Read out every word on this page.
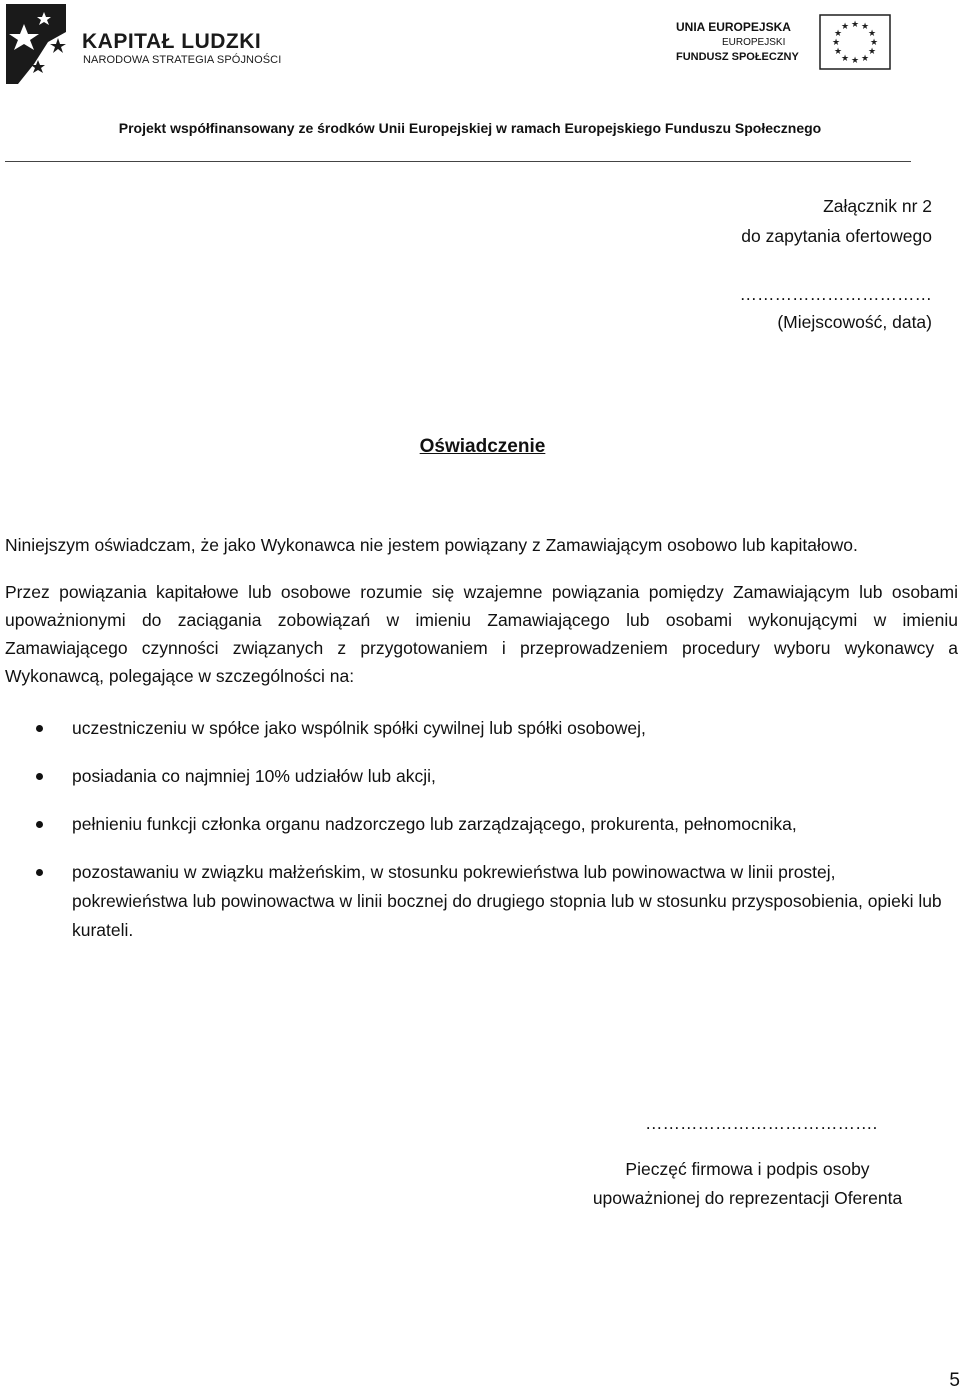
KAPITAŁ LUDZKI
NARODOWA STRATEGIA SPÓJNOŚCI
UNIA EUROPEJSKA
EUROPEJSKI
FUNDUSZ SPOŁECZNY
★ ★
★
★
★
★
★
★
★
★
★
★
Projekt współfinansowany ze środków Unii Europejskiej w ramach Europejskiego Funduszu Społecznego
Załącznik nr 2
do zapytania ofertowego
……………………………
(Miejscowość, data)
Oświadczenie
Niniejszym oświadczam, że jako Wykonawca nie jestem powiązany z Zamawiającym osobowo lub kapitałowo.
Przez powiązania kapitałowe lub osobowe rozumie się wzajemne powiązania pomiędzy Zamawiającym lub osobami upoważnionymi do zaciągania zobowiązań w imieniu Zamawiającego lub osobami wykonującymi w imieniu Zamawiającego czynności związanych z przygotowaniem i przeprowadzeniem procedury wyboru wykonawcy a Wykonawcą, polegające w szczególności na:
uczestniczeniu w spółce jako wspólnik spółki cywilnej lub spółki osobowej,
posiadania co najmniej 10% udziałów lub akcji,
pełnieniu funkcji członka organu nadzorczego lub zarządzającego, prokurenta, pełnomocnika,
pozostawaniu w związku małżeńskim, w stosunku pokrewieństwa lub powinowactwa w linii prostej, pokrewieństwa lub powinowactwa w linii bocznej do drugiego stopnia lub w stosunku przysposobienia, opieki lub kurateli.
………………………………….
Pieczęć firmowa i podpis osoby
upoważnionej do reprezentacji Oferenta
5
